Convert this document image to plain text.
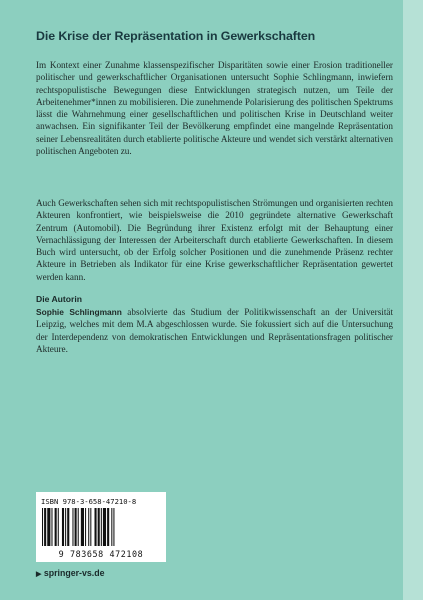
Die Krise der Repräsentation in Gewerkschaften

Im Kontext einer Zunahme klassenspezifischer Disparitäten sowie einer Erosion traditioneller politischer und gewerkschaftlicher Organisationen untersucht Sophie Schlingmann, inwiefern rechtspopulistische Bewegungen diese Entwicklungen strategisch nutzen, um Teile der Arbeitenehmer*innen zu mobilisieren. Die zunehmende Polarisierung des politischen Spektrums lässt die Wahrnehmung einer gesellschaftlichen und politischen Krise in Deutschland weiter anwachsen. Ein signifikanter Teil der Bevölkerung empfindet eine mangelnde Repräsentation seiner Lebensrealitäten durch etablierte politische Akteure und wendet sich verstärkt alternativen politischen Angeboten zu.

Auch Gewerkschaften sehen sich mit rechtspopulistischen Strömungen und organisierten rechten Akteuren konfrontiert, wie beispielsweise die 2010 gegründete alternative Gewerkschaft Zentrum (Automobil). Die Begründung ihrer Existenz erfolgt mit der Behauptung einer Vernachlässigung der Interessen der Arbeiterschaft durch etablierte Gewerkschaften. In diesem Buch wird untersucht, ob der Erfolg solcher Positionen und die zunehmende Präsenz rechter Akteure in Betrieben als Indikator für eine Krise gewerkschaftlicher Repräsentation gewertet werden kann.

Die Autorin

Sophie Schlingmann absolvierte das Studium der Politikwissenschaft an der Universität Leipzig, welches mit dem M.A abgeschlossen wurde. Sie fokussiert sich auf die Untersuchung der Interdependenz von demokratischen Entwicklungen und Repräsentationsfragen politischer Akteure.

ISBN 978-3-658-47210-8
9 783658 472108
▶ springer-vs.de
